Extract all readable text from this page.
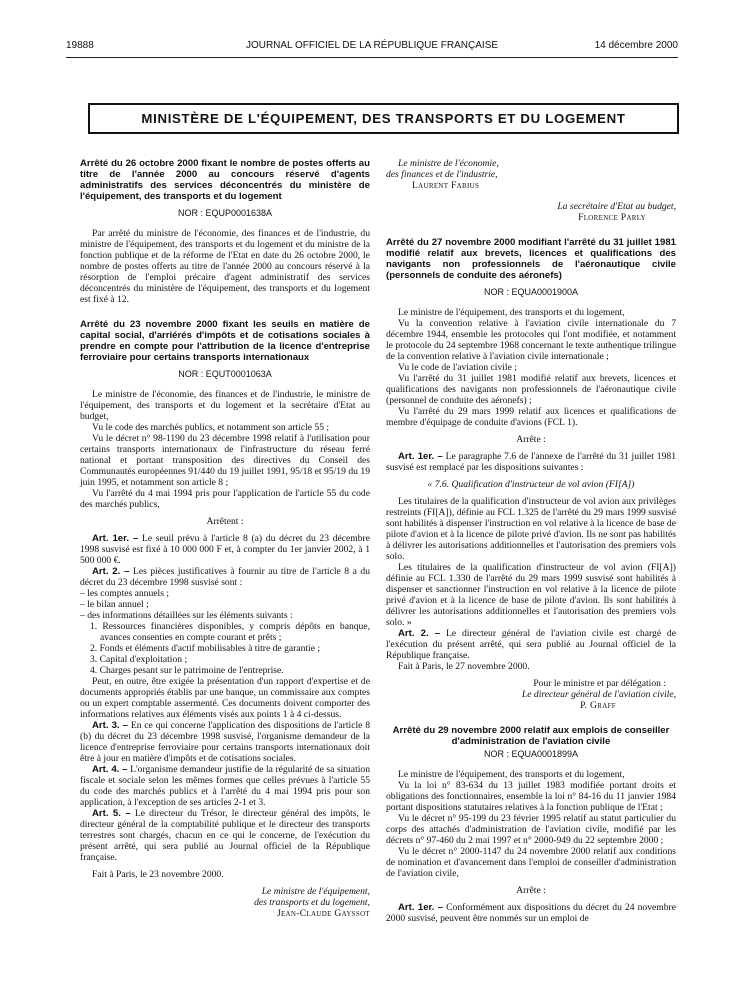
19888	JOURNAL OFFICIEL DE LA RÉPUBLIQUE FRANÇAISE	14 décembre 2000
MINISTÈRE DE L'ÉQUIPEMENT, DES TRANSPORTS ET DU LOGEMENT
Arrêté du 26 octobre 2000 fixant le nombre de postes offerts au titre de l'année 2000 au concours réservé d'agents administratifs des services déconcentrés du ministère de l'équipement, des transports et du logement
NOR : EQUP0001638A

Par arrêté du ministre de l'économie, des finances et de l'industrie, du ministre de l'équipement, des transports et du logement et du ministre de la fonction publique et de la réforme de l'Etat en date du 26 octobre 2000, le nombre de postes offerts au titre de l'année 2000 au concours réservé à la résorption de l'emploi précaire d'agent administratif des services déconcentrés du ministère de l'équipement, des transports et du logement est fixé à 12.

Arrêté du 23 novembre 2000 fixant les seuils en matière de capital social, d'arriérés d'impôts et de cotisations sociales à prendre en compte pour l'attribution de la licence d'entreprise ferroviaire pour certains transports internationaux
NOR : EQUT0001063A

Le ministre de l'économie, des finances et de l'industrie, le ministre de l'équipement, des transports et du logement et la secrétaire d'Etat au budget,

Vu le code des marchés publics, et notamment son article 55 ;

Vu le décret n° 98-1190 du 23 décembre 1998 relatif à l'utilisation pour certains transports internationaux de l'infrastructure du réseau ferré national et portant transposition des directives du Conseil des Communautés européennes 91/440 du 19 juillet 1991, 95/18 et 95/19 du 19 juin 1995, et notamment son article 8 ;

Vu l'arrêté du 4 mai 1994 pris pour l'application de l'article 55 du code des marchés publics,

Arrêtent :

Art. 1er. – Le seuil prévu à l'article 8 (a) du décret du 23 décembre 1998 susvisé est fixé à 10 000 000 F et, à compter du 1er janvier 2002, à 1 500 000 €.

Art. 2. – Les pièces justificatives à fournir au titre de l'article 8 a du décret du 23 décembre 1998 susvisé sont :

– les comptes annuels ;
– le bilan annuel ;
– des informations détaillées sur les éléments suivants :
1. Ressources financières disponibles, y compris dépôts en banque, avances consenties en compte courant et prêts ;
2. Fonds et éléments d'actif mobilisables à titre de garantie ;
3. Capital d'exploitation ;
4. Charges pesant sur le patrimoine de l'entreprise.

Peut, en outre, être exigée la présentation d'un rapport d'expertise et de documents appropriés établis par une banque, un commissaire aux comptes ou un expert comptable assermenté. Ces documents doivent comporter des informations relatives aux éléments visés aux points 1 à 4 ci-dessus.

Art. 3. – En ce qui concerne l'application des dispositions de l'article 8 (b) du décret du 23 décembre 1998 susvisé, l'organisme demandeur de la licence d'entreprise ferroviaire pour certains transports internationaux doit être à jour en matière d'impôts et de cotisations sociales.

Art. 4. – L'organisme demandeur justifie de la régularité de sa situation fiscale et sociale selon les mêmes formes que celles prévues à l'article 55 du code des marchés publics et à l'arrêté du 4 mai 1994 pris pour son application, à l'exception de ses articles 2-1 et 3.

Art. 5. – Le directeur du Trésor, le directeur général des impôts, le directeur général de la comptabilité publique et le directeur des transports terrestres sont chargés, chacun en ce qui le concerne, de l'exécution du présent arrêté, qui sera publié au Journal officiel de la République française.

Fait à Paris, le 23 novembre 2000.

Le ministre de l'équipement,
des transports et du logement,
Jean-Claude Gayssot
Le ministre de l'économie,
des finances et de l'industrie,
Laurent Fabius
La secrétaire d'Etat au budget,
Florence Parly
Arrêté du 27 novembre 2000 modifiant l'arrêté du 31 juillet 1981 modifié relatif aux brevets, licences et qualifications des navigants non professionnels de l'aéronautique civile (personnels de conduite des aéronefs)
NOR : EQUA0001900A

Le ministre de l'équipement, des transports et du logement,

Vu la convention relative à l'aviation civile internationale du 7 décembre 1944, ensemble les protocoles qui l'ont modifiée, et notamment le protocole du 24 septembre 1968 concernant le texte authentique trilingue de la convention relative à l'aviation civile internationale ;

Vu le code de l'aviation civile ;

Vu l'arrêté du 31 juillet 1981 modifié relatif aux brevets, licences et qualifications des navigants non professionnels de l'aéronautique civile (personnel de conduite des aéronefs) ;

Vu l'arrêté du 29 mars 1999 relatif aux licences et qualifications de membre d'équipage de conduite d'avions (FCL 1).

Arrête :

Art. 1er. – Le paragraphe 7.6 de l'annexe de l'arrêté du 31 juillet 1981 susvisé est remplacé par les dispositions suivantes :

« 7.6. Qualification d'instructeur de vol avion (FI[A])

Les titulaires de la qualification d'instructeur de vol avion aux privilèges restreints (FI[A]), définie au FCL 1.325 de l'arrêté du 29 mars 1999 susvisé sont habilités à dispenser l'instruction en vol relative à la licence de base de pilote d'avion et à la licence de pilote privé d'avion. Ils ne sont pas habilités à délivrer les autorisations additionnelles et l'autorisation des premiers vols solo.

Les titulaires de la qualification d'instructeur de vol avion (FI[A]) définie au FCL 1.330 de l'arrêté du 29 mars 1999 susvisé sont habilités à dispenser et sanctionner l'instruction en vol relative à la licence de pilote privé d'avion et à la licence de base de pilote d'avion. Ils sont habilités à délivrer les autorisations additionnelles et l'autorisation des premiers vols solo. »

Art. 2. – Le directeur général de l'aviation civile est chargé de l'exécution du présent arrêté, qui sera publié au Journal officiel de la République française.

Fait à Paris, le 27 novembre 2000.

Pour le ministre et par délégation :
Le directeur général de l'aviation civile,
P. Graff
Arrêté du 29 novembre 2000 relatif aux emplois de conseiller d'administration de l'aviation civile
NOR : EQUA0001899A

Le ministre de l'équipement, des transports et du logement,

Vu la loi n° 83-634 du 13 juillet 1983 modifiée portant droits et obligations des fonctionnaires, ensemble la loi n° 84-16 du 11 janvier 1984 portant dispositions statutaires relatives à la fonction publique de l'Etat ;

Vu le décret n° 95-199 du 23 février 1995 relatif au statut particulier du corps des attachés d'administration de l'aviation civile, modifié par les décrets n° 97-460 du 2 mai 1997 et n° 2000-949 du 22 septembre 2000 ;

Vu le décret n° 2000-1147 du 24 novembre 2000 relatif aux conditions de nomination et d'avancement dans l'emploi de conseiller d'administration de l'aviation civile,

Arrête :

Art. 1er. – Conformément aux dispositions du décret du 24 novembre 2000 susvisé, peuvent être nommés sur un emploi de
